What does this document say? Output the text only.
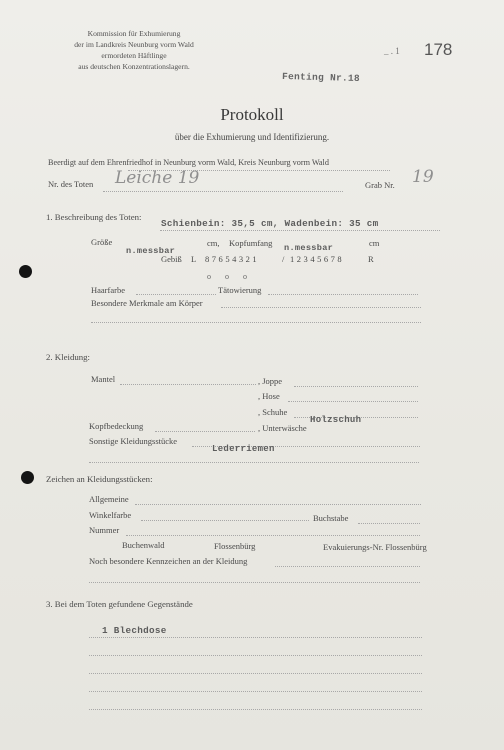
Kommission für Exhumierung
der im Landkreis Neunburg vorm Wald
ermordeten Häftlinge
aus deutschen Konzentrationslagern.
_ . 1 178
Fenting Nr.18
Protokoll
über die Exhumierung und Identifizierung.
Beerdigt auf dem Ehrenfriedhof in Neunburg vorm Wald, Kreis Neunburg vorm Wald
Nr. des Toten Leiche 19	Grab Nr. 19
1. Beschreibung des Toten:
Schienbein: 35,5 cm, Wadenbein: 35 cm
Größe
n.messbar
cm, Kopfumfang n.messbar	cm
Gebiß L 8 7 6 5 4 3 2 1	/ 1 2 3 4 5 6 7 8	R
o o o
Haarfarbe	Tätowierung
Besondere Merkmale am Körper
2. Kleidung:
Mantel	, Joppe
, Hose
, Schuhe
Holzschuh
Kopfbedeckung	, Unterwäsche
Sonstige Kleidungsstücke
Lederriemen
Zeichen an Kleidungsstücken:
Allgemeine
Winkelfarbe	Buchstabe
Nummer
Buchenwald	Flossenbürg	Evakuierungs-Nr. Flossenbürg
Noch besondere Kennzeichen an der Kleidung
3. Bei dem Toten gefundene Gegenstände
1 Blechdose
